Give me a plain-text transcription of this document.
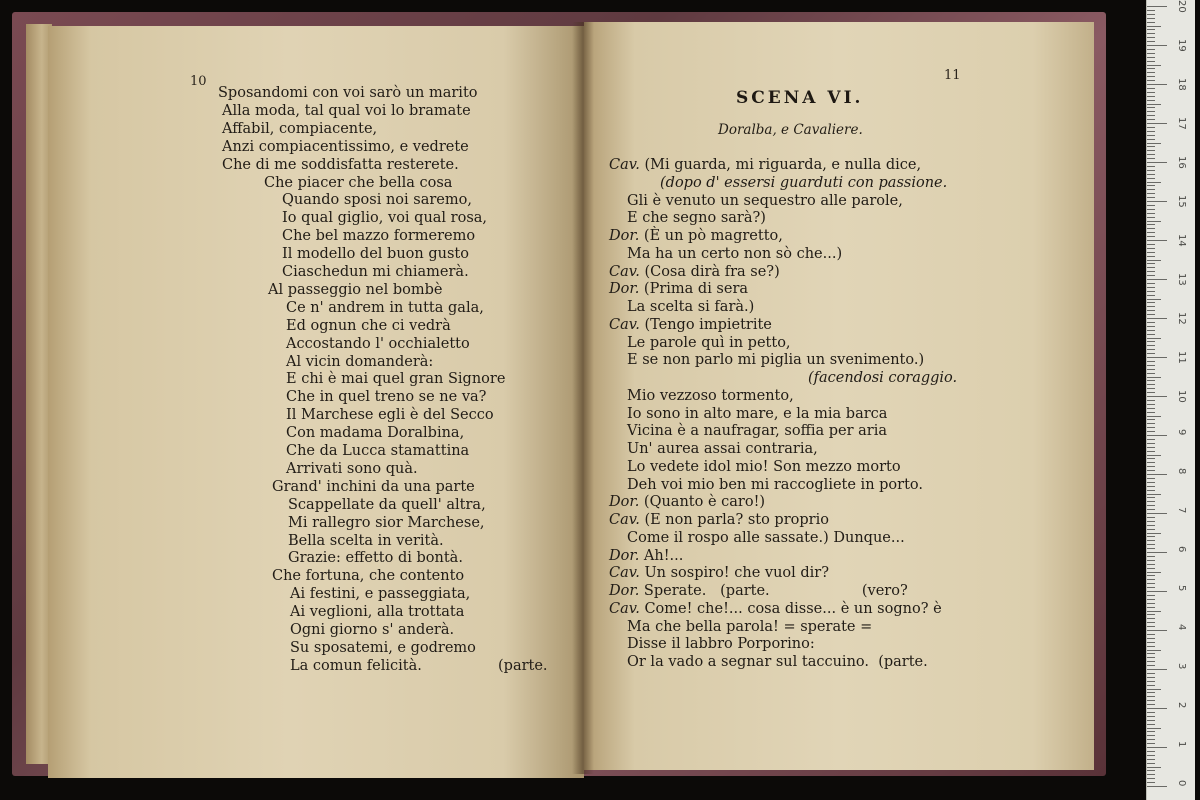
10	11
Sposandomi con voi sarò un marito
Alla moda, tal qual voi lo bramate
Affabil, compiacente,
Anzi compiacentissimo, e vedrete
Che di me soddisfatta resterete.
Che piacer che bella cosa
Quando sposi noi saremo,
Io qual giglio, voi qual rosa,
Che bel mazzo formeremo
Il modello del buon gusto
Ciaschedun mi chiamerà.
Al passeggio nel bombè
Ce n' andrem in tutta gala,
Ed ognun che ci vedrà
Accostando l' occhialetto
Al vicin domanderà:
E chi è mai quel gran Signore
Che in quel treno se ne va?
Il Marchese egli è del Secco
Con madama Doralbina,
Che da Lucca stamattina
Arrivati sono quà.
Grand' inchini da una parte
Scappellate da quell' altra,
Mi rallegro sior Marchese,
Bella scelta in verità.
Grazie: effetto di bontà.
Che fortuna, che contento
Ai festini, e passeggiata,
Ai veglioni, alla trottata
Ogni giorno s' anderà.
Su sposatemi, e godremo
La comun felicità.	(parte.
SCENA VI.
Doralba, e Cavaliere.
Cav. (Mi guarda, mi riguarda, e nulla dice,
(dopo d' essersi guarduti con passione.
Gli è venuto un sequestro alle parole,
E che segno sarà?)
Dor. (È un pò magretto,
Ma ha un certo non sò che...)
Cav. (Cosa dirà fra se?)
Dor. (Prima di sera
La scelta si farà.)
Cav. (Tengo impietrite
Le parole quì in petto,
E se non parlo mi piglia un svenimento.)
(facendosi coraggio.
Mio vezzoso tormento,
Io sono in alto mare, e la mia barca
Vicina è a naufragar, soffia per aria
Un' aurea assai contraria,
Lo vedete idol mio! Son mezzo morto
Deh voi mio ben mi raccogliete in porto.
Dor. (Quanto è caro!)
Cav. (E non parla? sto proprio
Come il rospo alle sassate.) Dunque...
Dor. Ah!...
Cav. Un sospiro! che vuol dir?
Dor. Sperate.   (parte.                    (vero?
Cav. Come! che!... cosa disse... è un sogno? è
Ma che bella parola! = sperate =
Disse il labbro Porporino:
Or la vado a segnar sul taccuino.  (parte.
0
1
2
3
4
5
6
7
8
9
10
11
12
13
14
15
16
17
18
19
20
